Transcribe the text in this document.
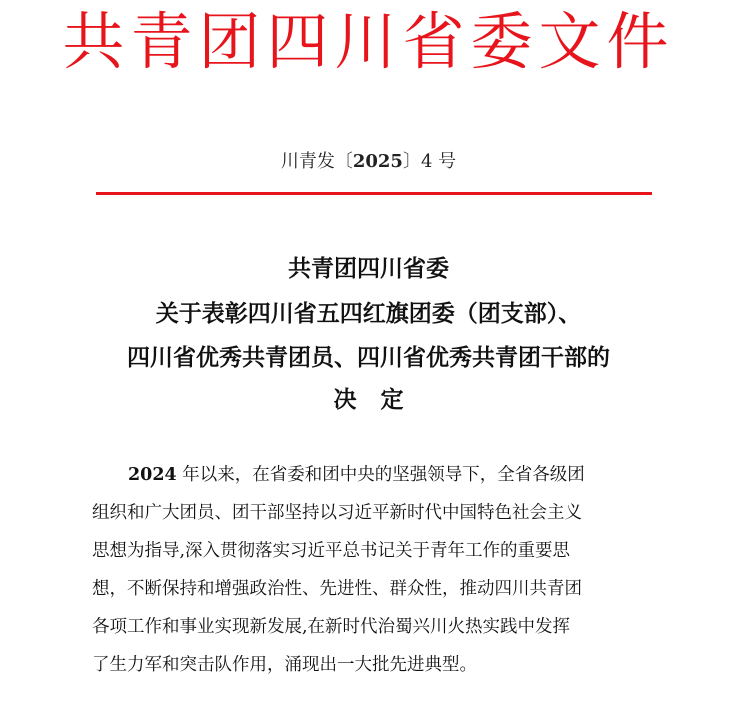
共青团四川省委文件
川青发〔2025〕4 号
共青团四川省委
关于表彰四川省五四红旗团委（团支部）、
四川省优秀共青团员、四川省优秀共青团干部的
决定
2024 年以来，在省委和团中央的坚强领导下，全省各级团
组织和广大团员、团干部坚持以习近平新时代中国特色社会主义
思想为指导,深入贯彻落实习近平总书记关于青年工作的重要思
想，不断保持和增强政治性、先进性、群众性，推动四川共青团
各项工作和事业实现新发展,在新时代治蜀兴川火热实践中发挥
了生力军和突击队作用，涌现出一大批先进典型。
